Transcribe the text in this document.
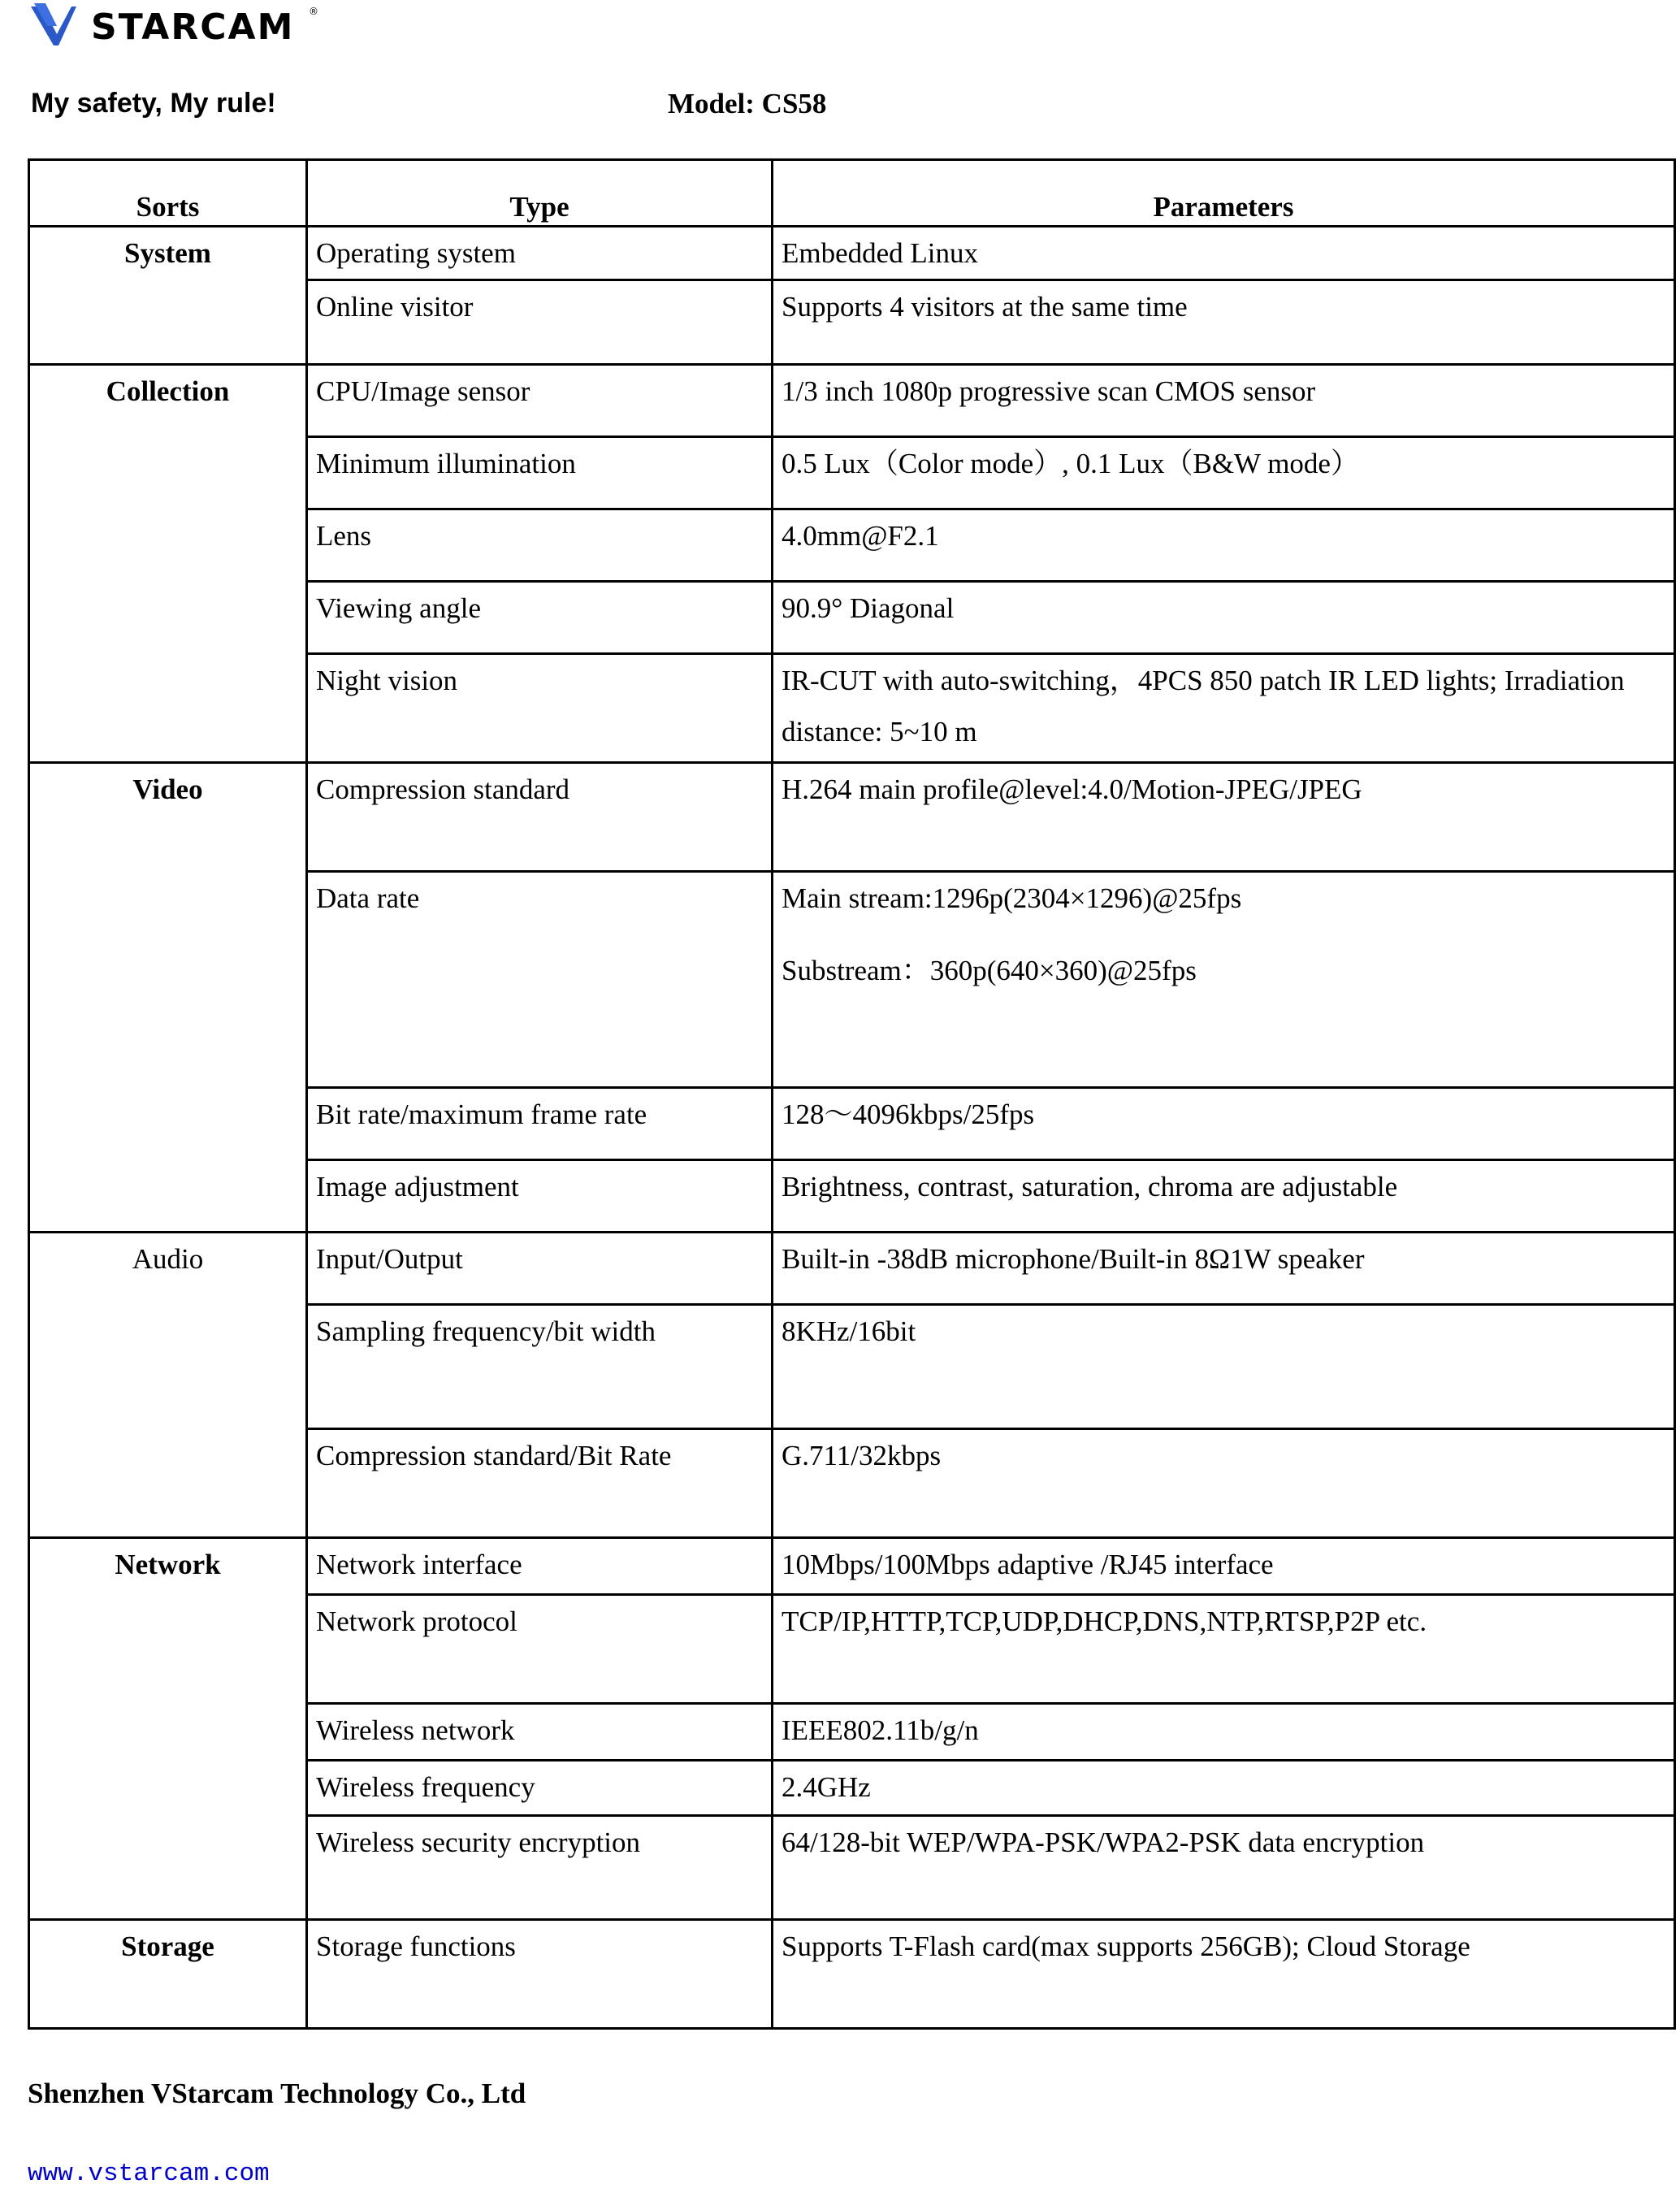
STARCAM ®
My safety, My rule!	Model: CS58
Sorts	Type	Parameters
System	Operating system	Embedded Linux
	Online visitor	Supports 4 visitors at the same time
Collection	CPU/Image sensor	1/3 inch 1080p progressive scan CMOS sensor
	Minimum illumination	0.5 Lux（Color mode）, 0.1 Lux（B&W mode）
	Lens	4.0mm@F2.1
	Viewing angle	90.9° Diagonal
	Night vision	IR-CUT with auto-switching，4PCS 850 patch IR LED lights; Irradiation distance: 5~10 m
Video	Compression standard	H.264 main profile@level:4.0/Motion-JPEG/JPEG
	Data rate	Main stream:1296p(2304×1296)@25fps
Substream：360p(640×360)@25fps

	Bit rate/maximum frame rate	128～4096kbps/25fps
	Image adjustment	Brightness, contrast, saturation, chroma are adjustable
Audio	Input/Output	Built-in -38dB microphone/Built-in 8Ω1W speaker
	Sampling frequency/bit width	8KHz/16bit
	Compression standard/Bit Rate	G.711/32kbps
Network	Network interface	10Mbps/100Mbps adaptive /RJ45 interface
	Network protocol	TCP/IP,HTTP,TCP,UDP,DHCP,DNS,NTP,RTSP,P2P etc.
	Wireless network	IEEE802.11b/g/n
	Wireless frequency	2.4GHz
	Wireless security encryption	64/128-bit WEP/WPA-PSK/WPA2-PSK data encryption
Storage	Storage functions	Supports T-Flash card(max supports 256GB); Cloud Storage
Shenzhen VStarcam Technology Co., Ltd
www.vstarcam.com
